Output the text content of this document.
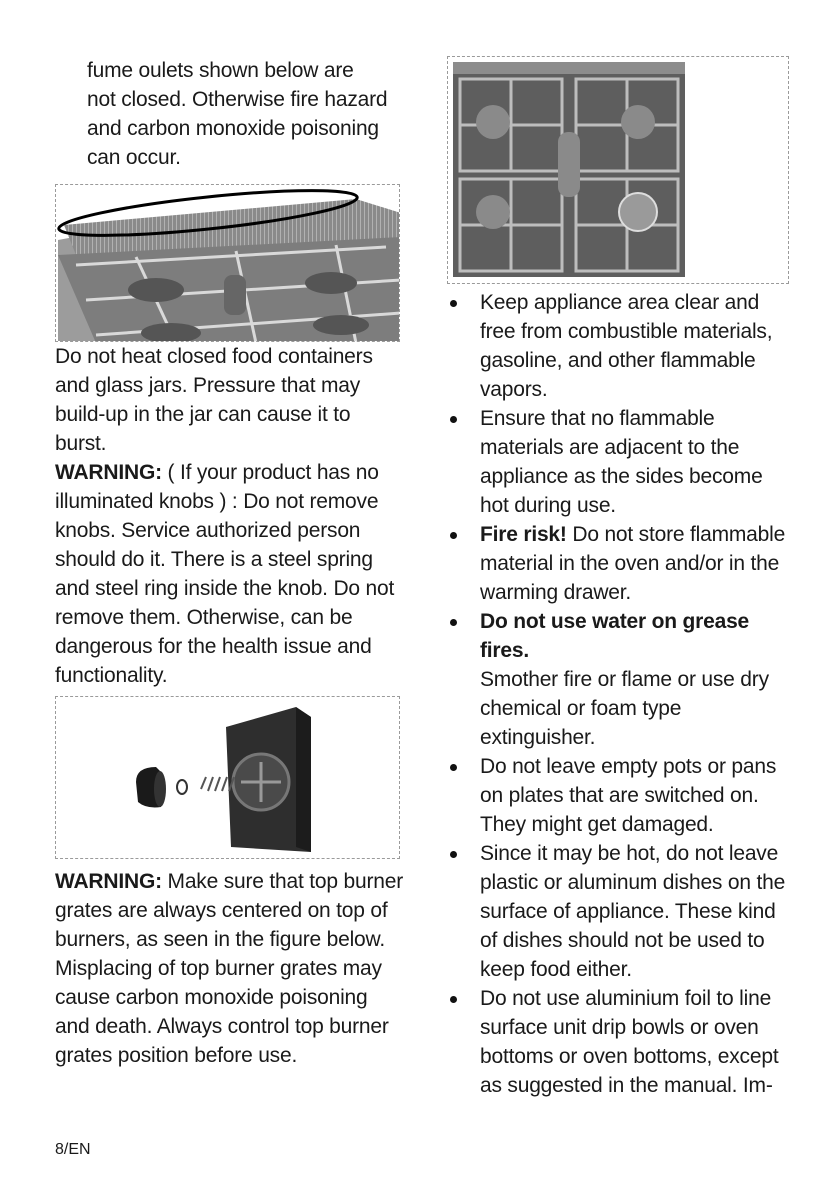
fume oulets shown below are
not closed. Otherwise fire hazard
and carbon monoxide poisoning
can occur.

Do not heat closed food containers and glass jars. Pressure that may build-up in the jar can cause it to burst.

WARNING: ( If your product has no illuminated knobs ) : Do not remove knobs. Service authorized person should do it. There is a steel spring and steel ring inside the knob. Do not remove them. Otherwise, can be dangerous for the health issue and functionality.

WARNING: Make sure that top burner grates are always centered on top of burners, as seen in the figure below. Misplacing of top burner grates may cause carbon monoxide poisoning and death. Always control top burner grates position before use.

Keep appliance area clear and free from combustible materials, gasoline, and other flammable vapors.
Ensure that no flammable materials are adjacent to the appliance as the sides become hot during use.
Fire risk! Do not store flammable material in the oven and/or in the warming drawer.
Do not use water on grease fires.
Smother fire or flame or use dry chemical or foam type extinguisher.
Do not leave empty pots or pans on plates that are switched on. They might get damaged.
Since it may be hot, do not leave plastic or aluminum dishes on the surface of appliance. These kind of dishes should not be used to keep food either.
Do not use aluminium foil to line surface unit drip bowls or oven bottoms or oven bottoms, except as suggested in the manual. Im-
8/EN
